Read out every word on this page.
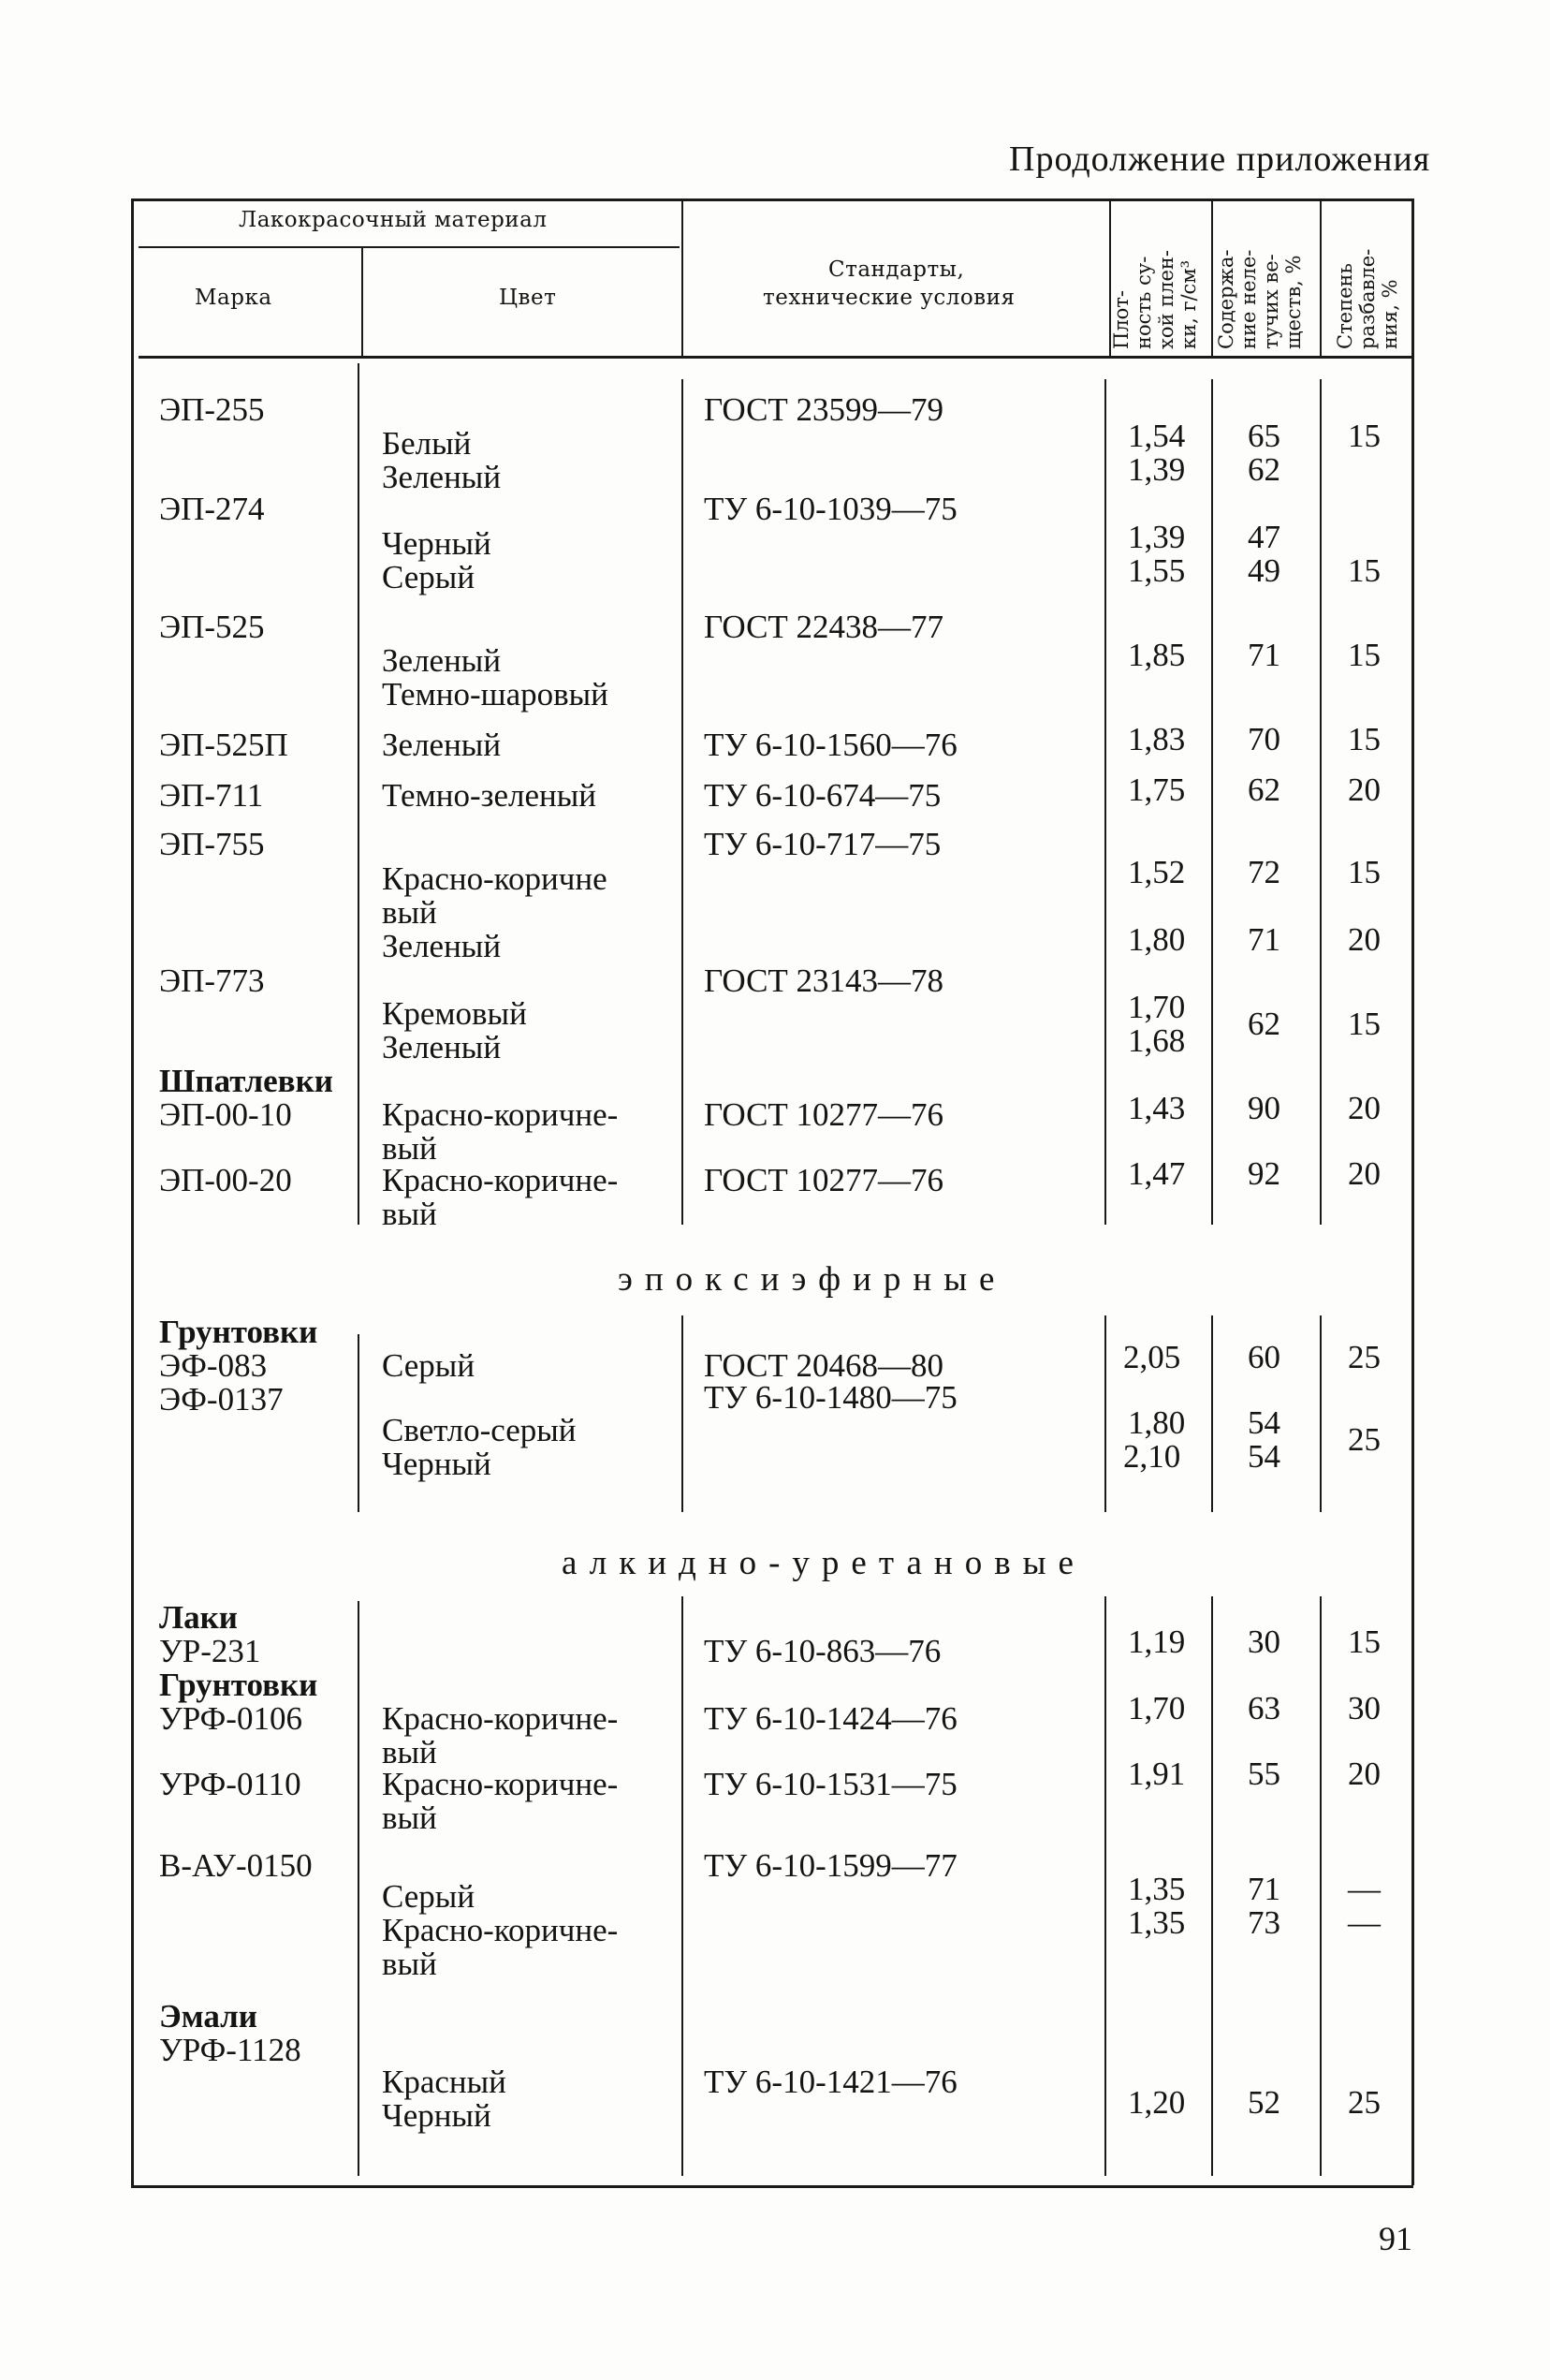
Продолжение приложения
Лакокрасочный материал
Марка	Цвет
Стандарты,
технические условия	Плот- ность су- хой плен- ки, г/см³ Содержа- ние неле- тучих ве- ществ, % Степень разбавле- ния, %
ЭП-255
ЭП-274
ЭП-525
ЭП-525П
ЭП-711
ЭП-755
ЭП-773
Шпатлевки
ЭП-00-10
ЭП-00-20
Грунтовки
ЭФ-083
ЭФ-0137
Лаки
УР-231
Грунтовки
УРФ-0106
УРФ-0110
В-АУ-0150
Эмали
УРФ-1128
Белый
Зеленый
Черный
Серый
Зеленый
Темно-шаровый
Зеленый
Темно-зеленый
Красно-коричне
вый
Зеленый
Кремовый
Зеленый
Красно-коричне-
вый
Красно-коричне-
вый
Серый
Светло-серый
Черный
Красно-коричне-
вый
Красно-коричне-
вый
Серый
Красно-коричне-
вый
Красный
Черный
ГОСТ 23599—79
ТУ 6-10-1039—75
ГОСТ 22438—77
ТУ 6-10-1560—76
ТУ 6-10-674—75
ТУ 6-10-717—75
ГОСТ 23143—78
ГОСТ 10277—76
ГОСТ 10277—76
ГОСТ 20468—80
ТУ 6-10-1480—75
ТУ 6-10-863—76
ТУ 6-10-1424—76
ТУ 6-10-1531—75
ТУ 6-10-1599—77
ТУ 6-10-1421—76
1,54
1,39
1,39
1,55
1,85
1,83
1,75
1,52
1,80
1,70
1,68
1,43
1,47
2,05
1,80
2,10
1,19
1,70
1,91
1,35
1,35
1,20
65
62
47
49
71
70
62
72
71
62
90
92
60
54
54
30
63
55
71
73
52
15
15
15
15
20
15
20
15
20
20
25
25
15
30
20
—
—
25
эпоксиэфирные
алкидно-уретановые
91
